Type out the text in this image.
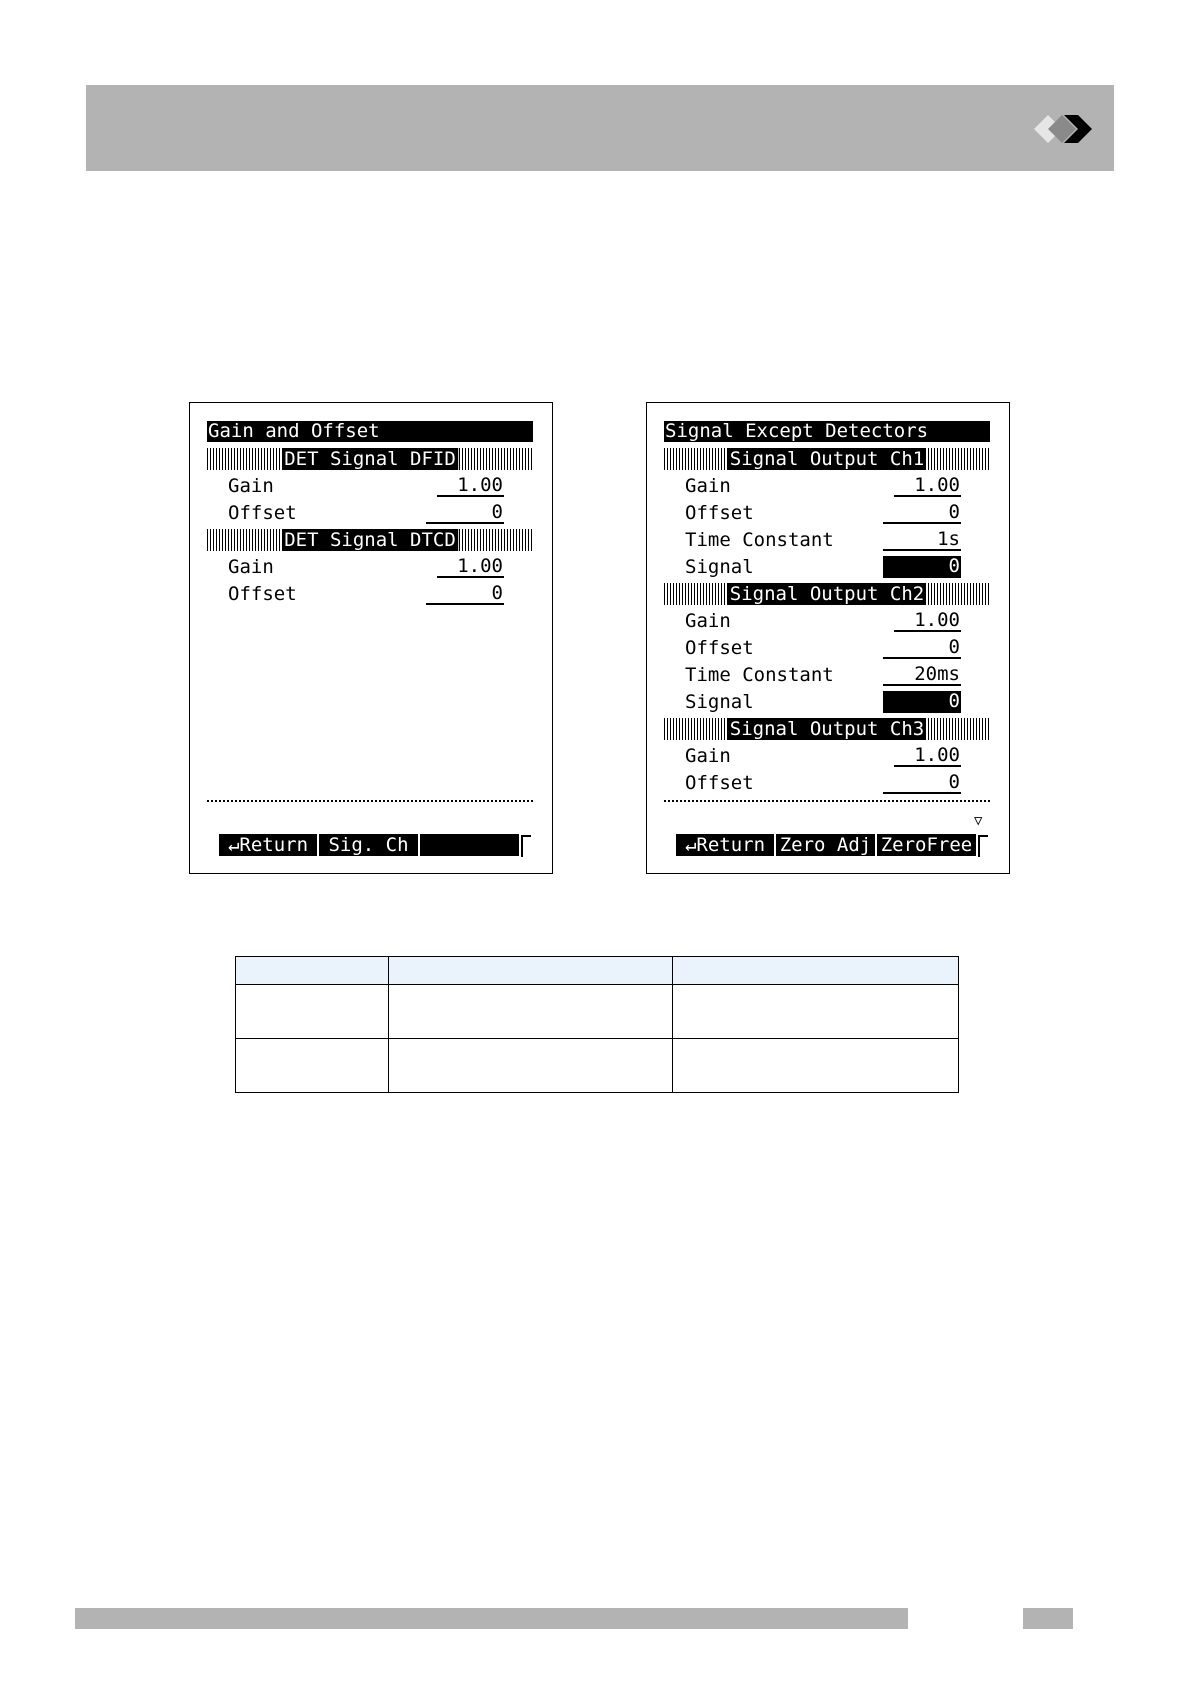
Gain and Offset
DET Signal DFID
Gain	1.00
Offset	0
DET Signal DTCD
Gain	1.00
Offset	0
↵Return	Sig. Ch
Signal Except Detectors
Signal Output Ch1
Gain	1.00
Offset	0
Time Constant	1s
Signal	0
Signal Output Ch2
Gain	1.00
Offset	0
Time Constant	20ms
Signal	0
Signal Output Ch3
Gain	1.00
Offset	0
▽
↵Return Zero Adj ZeroFree
